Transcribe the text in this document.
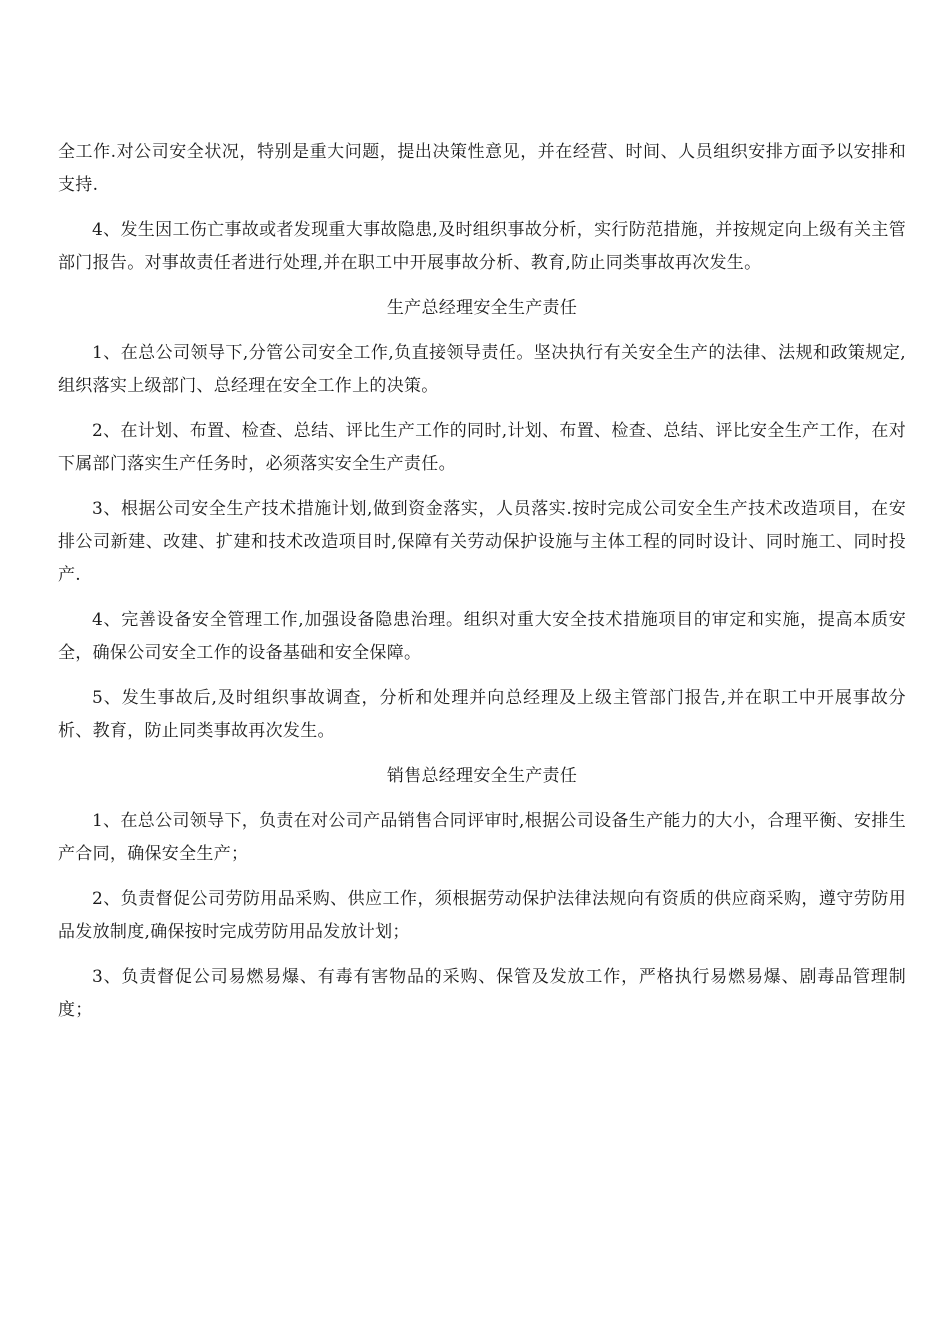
全工作.对公司安全状况，特别是重大问题，提出决策性意见，并在经营、时间、人员组织安排方面予以安排和支持.

4、发生因工伤亡事故或者发现重大事故隐患,及时组织事故分析，实行防范措施，并按规定向上级有关主管部门报告。对事故责任者进行处理,并在职工中开展事故分析、教育,防止同类事故再次发生。

生产总经理安全生产责任

1、在总公司领导下,分管公司安全工作,负直接领导责任。坚决执行有关安全生产的法律、法规和政策规定,组织落实上级部门、总经理在安全工作上的决策。

2、在计划、布置、检查、总结、评比生产工作的同时,计划、布置、检查、总结、评比安全生产工作，在对下属部门落实生产任务时，必须落实安全生产责任。

3、根据公司安全生产技术措施计划,做到资金落实，人员落实.按时完成公司安全生产技术改造项目，在安排公司新建、改建、扩建和技术改造项目时,保障有关劳动保护设施与主体工程的同时设计、同时施工、同时投产.

4、完善设备安全管理工作,加强设备隐患治理。组织对重大安全技术措施项目的审定和实施，提高本质安全，确保公司安全工作的设备基础和安全保障。

5、发生事故后,及时组织事故调查，分析和处理并向总经理及上级主管部门报告,并在职工中开展事故分析、教育，防止同类事故再次发生。

销售总经理安全生产责任

1、在总公司领导下，负责在对公司产品销售合同评审时,根据公司设备生产能力的大小，合理平衡、安排生产合同，确保安全生产；

2、负责督促公司劳防用品采购、供应工作，须根据劳动保护法律法规向有资质的供应商采购，遵守劳防用品发放制度,确保按时完成劳防用品发放计划；

3、负责督促公司易燃易爆、有毒有害物品的采购、保管及发放工作，严格执行易燃易爆、剧毒品管理制度；
